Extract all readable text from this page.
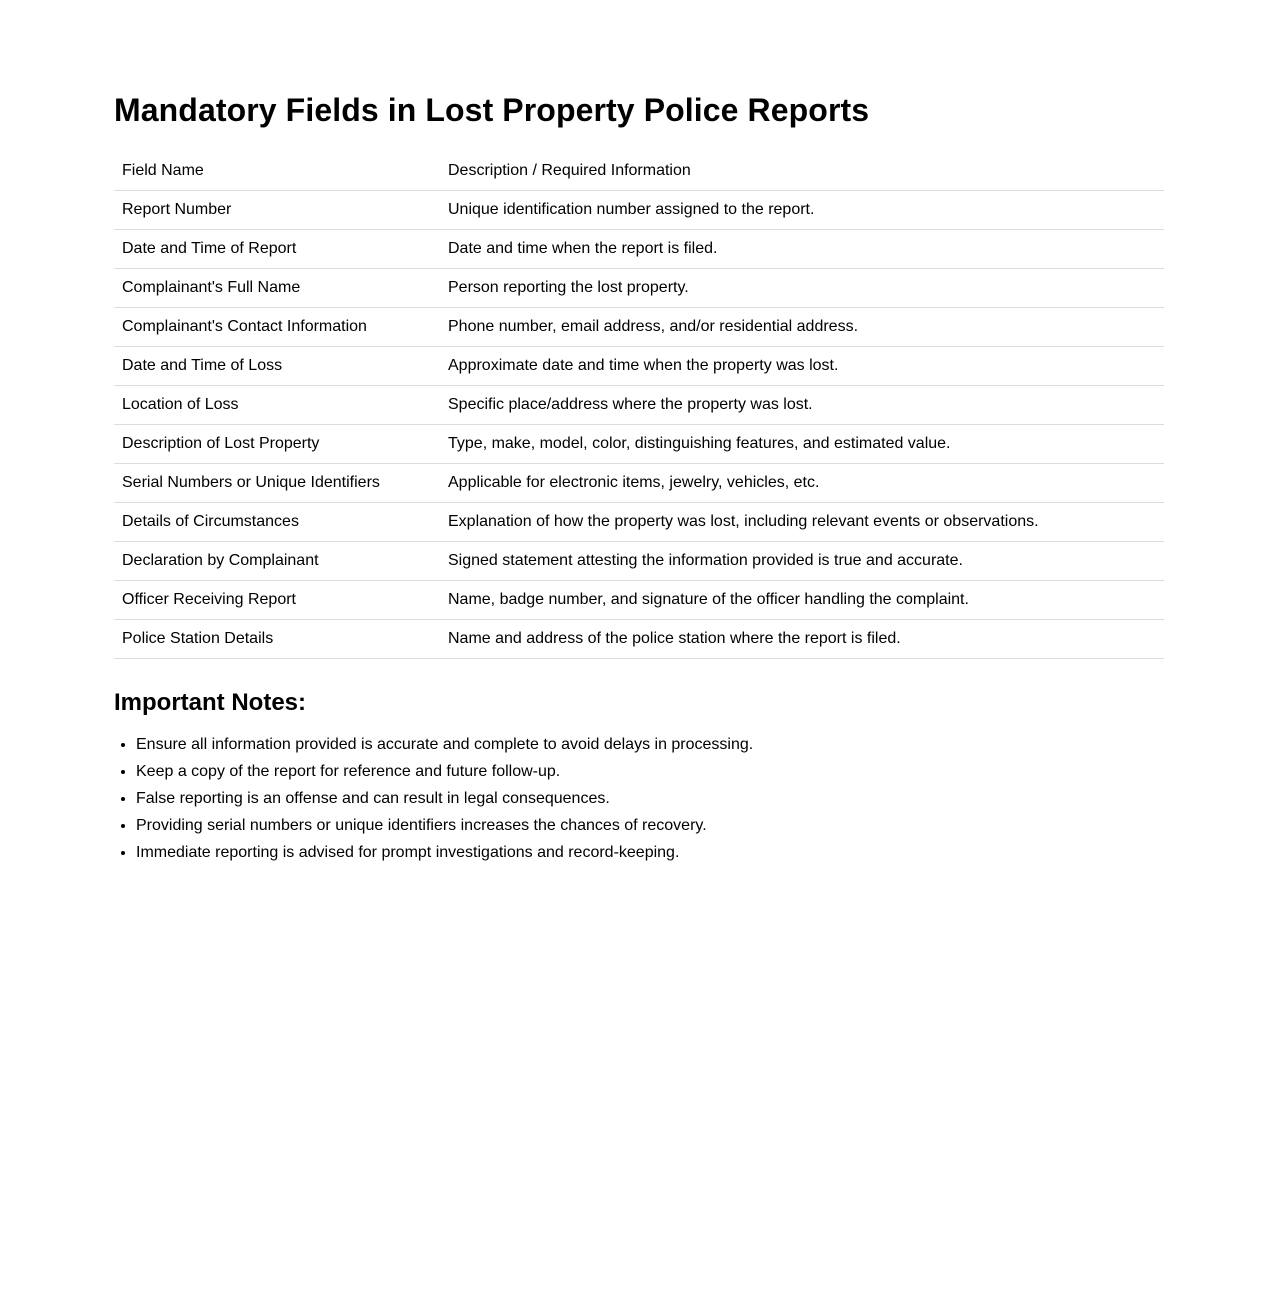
Mandatory Fields in Lost Property Police Reports
Field Name	Description / Required Information
Report Number	Unique identification number assigned to the report.
Date and Time of Report	Date and time when the report is filed.
Complainant's Full Name	Person reporting the lost property.
Complainant's Contact Information	Phone number, email address, and/or residential address.
Date and Time of Loss	Approximate date and time when the property was lost.
Location of Loss	Specific place/address where the property was lost.
Description of Lost Property	Type, make, model, color, distinguishing features, and estimated value.
Serial Numbers or Unique Identifiers	Applicable for electronic items, jewelry, vehicles, etc.
Details of Circumstances	Explanation of how the property was lost, including relevant events or observations.
Declaration by Complainant	Signed statement attesting the information provided is true and accurate.
Officer Receiving Report	Name, badge number, and signature of the officer handling the complaint.
Police Station Details	Name and address of the police station where the report is filed.
Important Notes:
• Ensure all information provided is accurate and complete to avoid delays in processing.
• Keep a copy of the report for reference and future follow-up.
• False reporting is an offense and can result in legal consequences.
• Providing serial numbers or unique identifiers increases the chances of recovery.
• Immediate reporting is advised for prompt investigations and record-keeping.
